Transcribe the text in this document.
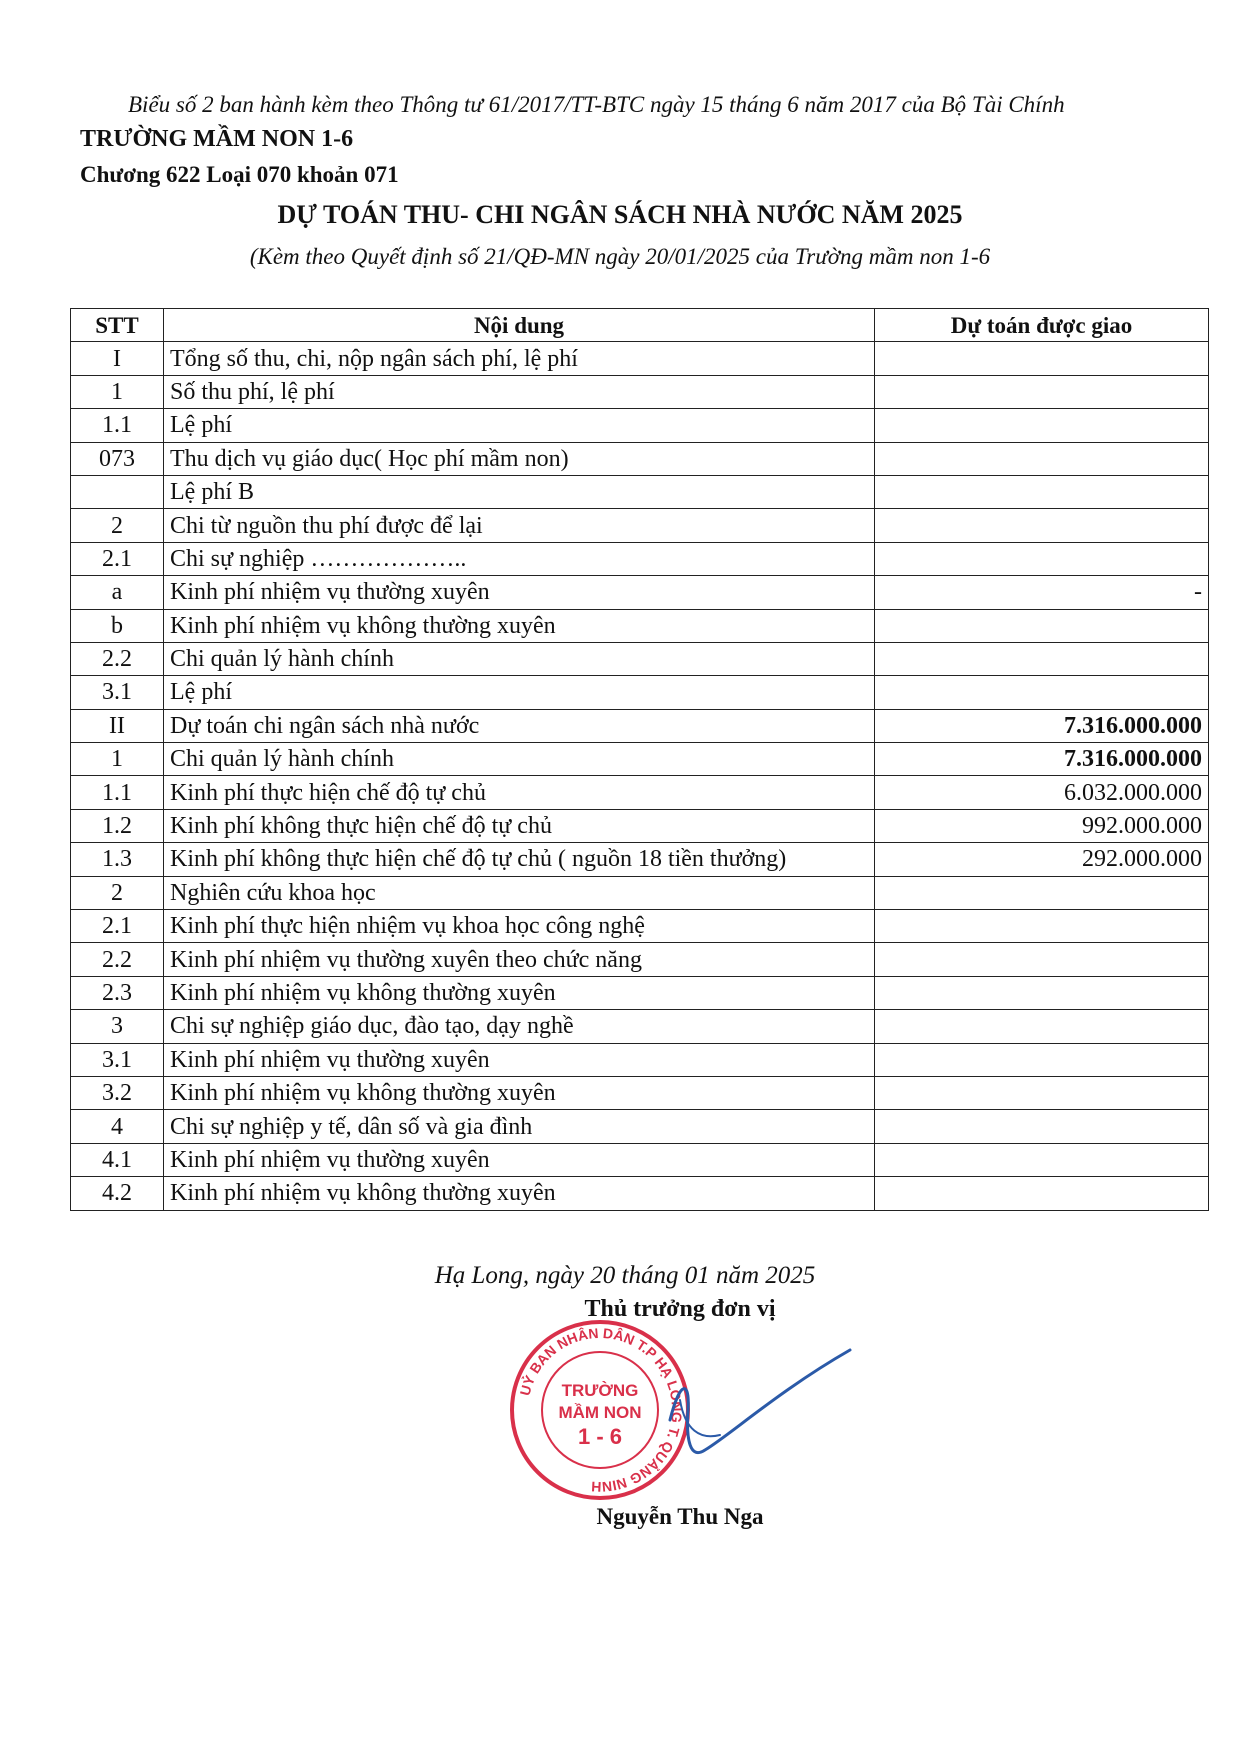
Biểu số 2 ban hành kèm theo Thông tư 61/2017/TT-BTC ngày 15 tháng 6 năm 2017 của Bộ Tài Chính
TRƯỜNG MẦM NON 1-6
Chương 622 Loại 070 khoản 071
DỰ TOÁN THU- CHI NGÂN SÁCH NHÀ NƯỚC NĂM 2025
(Kèm theo Quyết định số 21/QĐ-MN ngày 20/01/2025 của Trường mầm non 1-6
STT	Nội dung	Dự toán được giao
I	Tổng số thu, chi, nộp ngân sách phí, lệ phí	
1	Số thu phí, lệ phí	
1.1	Lệ phí	
073	Thu dịch vụ giáo dục( Học phí mầm non)	
	Lệ phí B	
2	Chi từ nguồn thu phí được để lại	
2.1	Chi sự nghiệp ………………..	
a	Kinh phí nhiệm vụ thường xuyên	-
b	Kinh phí nhiệm vụ không thường xuyên	
2.2	Chi quản lý hành chính	
3.1	Lệ phí	
II	Dự toán chi ngân sách nhà nước	7.316.000.000
1	Chi quản lý hành chính	7.316.000.000
1.1	Kinh phí thực hiện chế độ tự chủ	6.032.000.000
1.2	Kinh phí không thực hiện chế độ tự chủ	992.000.000
1.3	Kinh phí không thực hiện chế độ tự chủ ( nguồn 18 tiền thưởng)	292.000.000
2	Nghiên cứu khoa học	
2.1	Kinh phí thực hiện nhiệm vụ khoa học công nghệ	
2.2	Kinh phí nhiệm vụ thường xuyên theo chức năng	
2.3	Kinh phí nhiệm vụ không thường xuyên	
3	Chi sự nghiệp giáo dục, đào tạo, dạy nghề	
3.1	Kinh phí nhiệm vụ thường xuyên	
3.2	Kinh phí nhiệm vụ không thường xuyên	
4	Chi sự nghiệp y tế, dân số và gia đình	
4.1	Kinh phí nhiệm vụ thường xuyên	
4.2	Kinh phí nhiệm vụ không thường xuyên	
Hạ Long, ngày 20 tháng 01 năm 2025
Thủ trưởng đơn vị
UỶ BAN NHÂN DÂN T.P HẠ LONG T. QUẢNG NINH
TRƯỜNG
MẦM NON
1 - 6
Nguyễn Thu Nga
